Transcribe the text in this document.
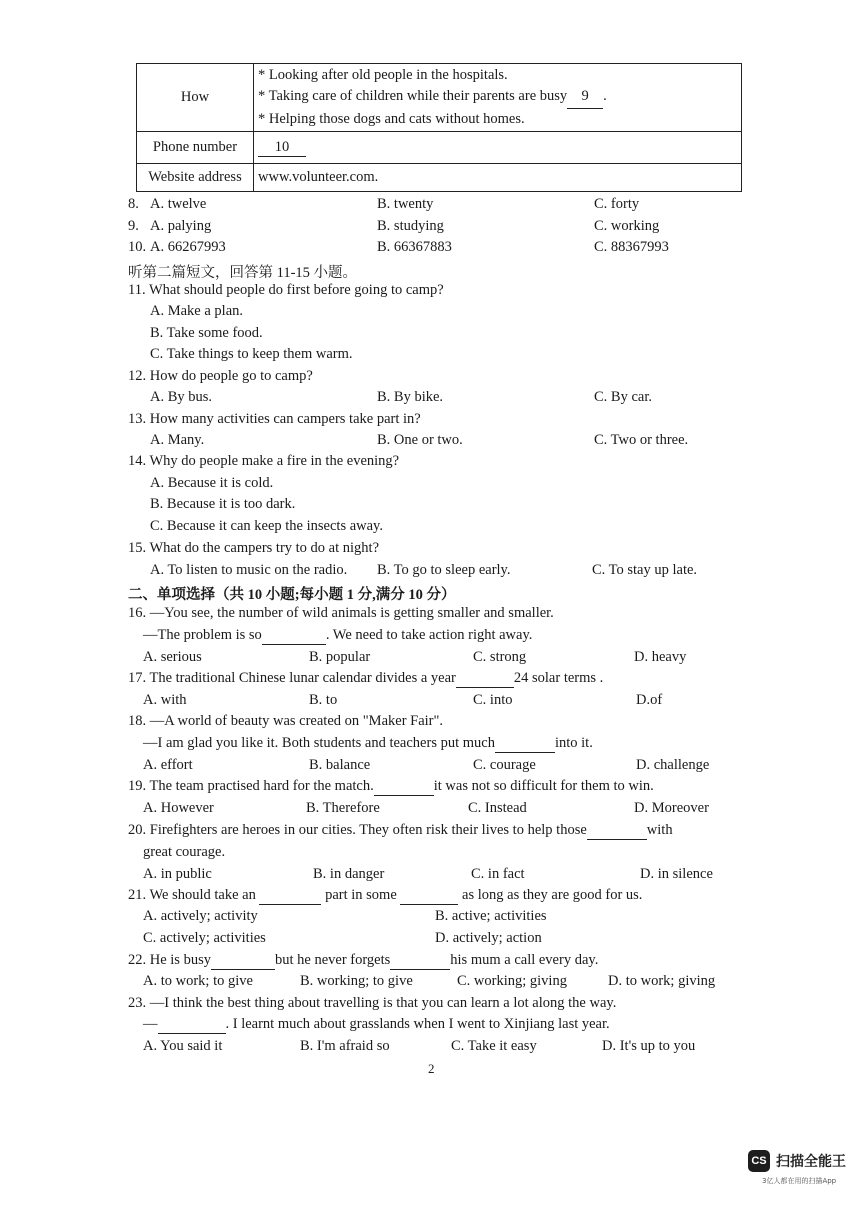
How	* Looking after old people in the hospitals.
* Taking care of children while their parents are busy 9 .
* Helping those dogs and cats without homes.

Phone number	10
Website address	www.volunteer.com.
8. A. twelve	B. twenty	C. forty
9. A. palying	B. studying	C. working
10. A. 66267993	B. 66367883	C. 88367993
听第二篇短文，回答第 11-15 小题。
11. What should people do first before going to camp?
A. Make a plan.
B. Take some food.
C. Take things to keep them warm.
12. How do people go to camp?
A. By bus.	B. By bike.	C. By car.
13. How many activities can campers take part in?
A. Many.	B. One or two.	C. Two or three.
14. Why do people make a fire in the evening?
A. Because it is cold.
B. Because it is too dark.
C. Because it can keep the insects away.
15. What do the campers try to do at night?
A. To listen to music on the radio. B. To go to sleep early.	C. To stay up late.
二、单项选择（共 10 小题;每小题 1 分,满分 10 分）
16. —You see, the number of wild animals is getting smaller and smaller.
—The problem is so	. We need to take action right away.
A. serious	B. popular	C. strong	D. heavy
17. The traditional Chinese lunar calendar divides a year	24 solar terms .
A. with	B. to	C. into	D.of
18. —A world of beauty was created on "Maker Fair".
—I am glad you like it. Both students and teachers put much	into it.
A. effort	B. balance	C. courage	D. challenge
19. The team practised hard for the match.	it was not so difficult for them to win.
A. However	B. Therefore	C. Instead	D. Moreover
20. Firefighters are heroes in our cities. They often risk their lives to help those	with
great courage.
A. in public	B. in danger	C. in fact	D. in silence
21. We should take an	part in some	as long as they are good for us.
A. actively; activity	B. active; activities
C. actively; activities	D. actively; action
22. He is busy	but he never forgets	his mum a call every day.
A. to work; to give	B. working; to give	C. working; giving	D. to work; giving
23. —I think the best thing about travelling is that you can learn a lot along the way.
—	. I learnt much about grasslands when I went to Xinjiang last year.
A. You said it	B. I'm afraid so	C. Take it easy	D. It's up to you
2
CS 扫描全能王
3亿人都在用的扫描App
